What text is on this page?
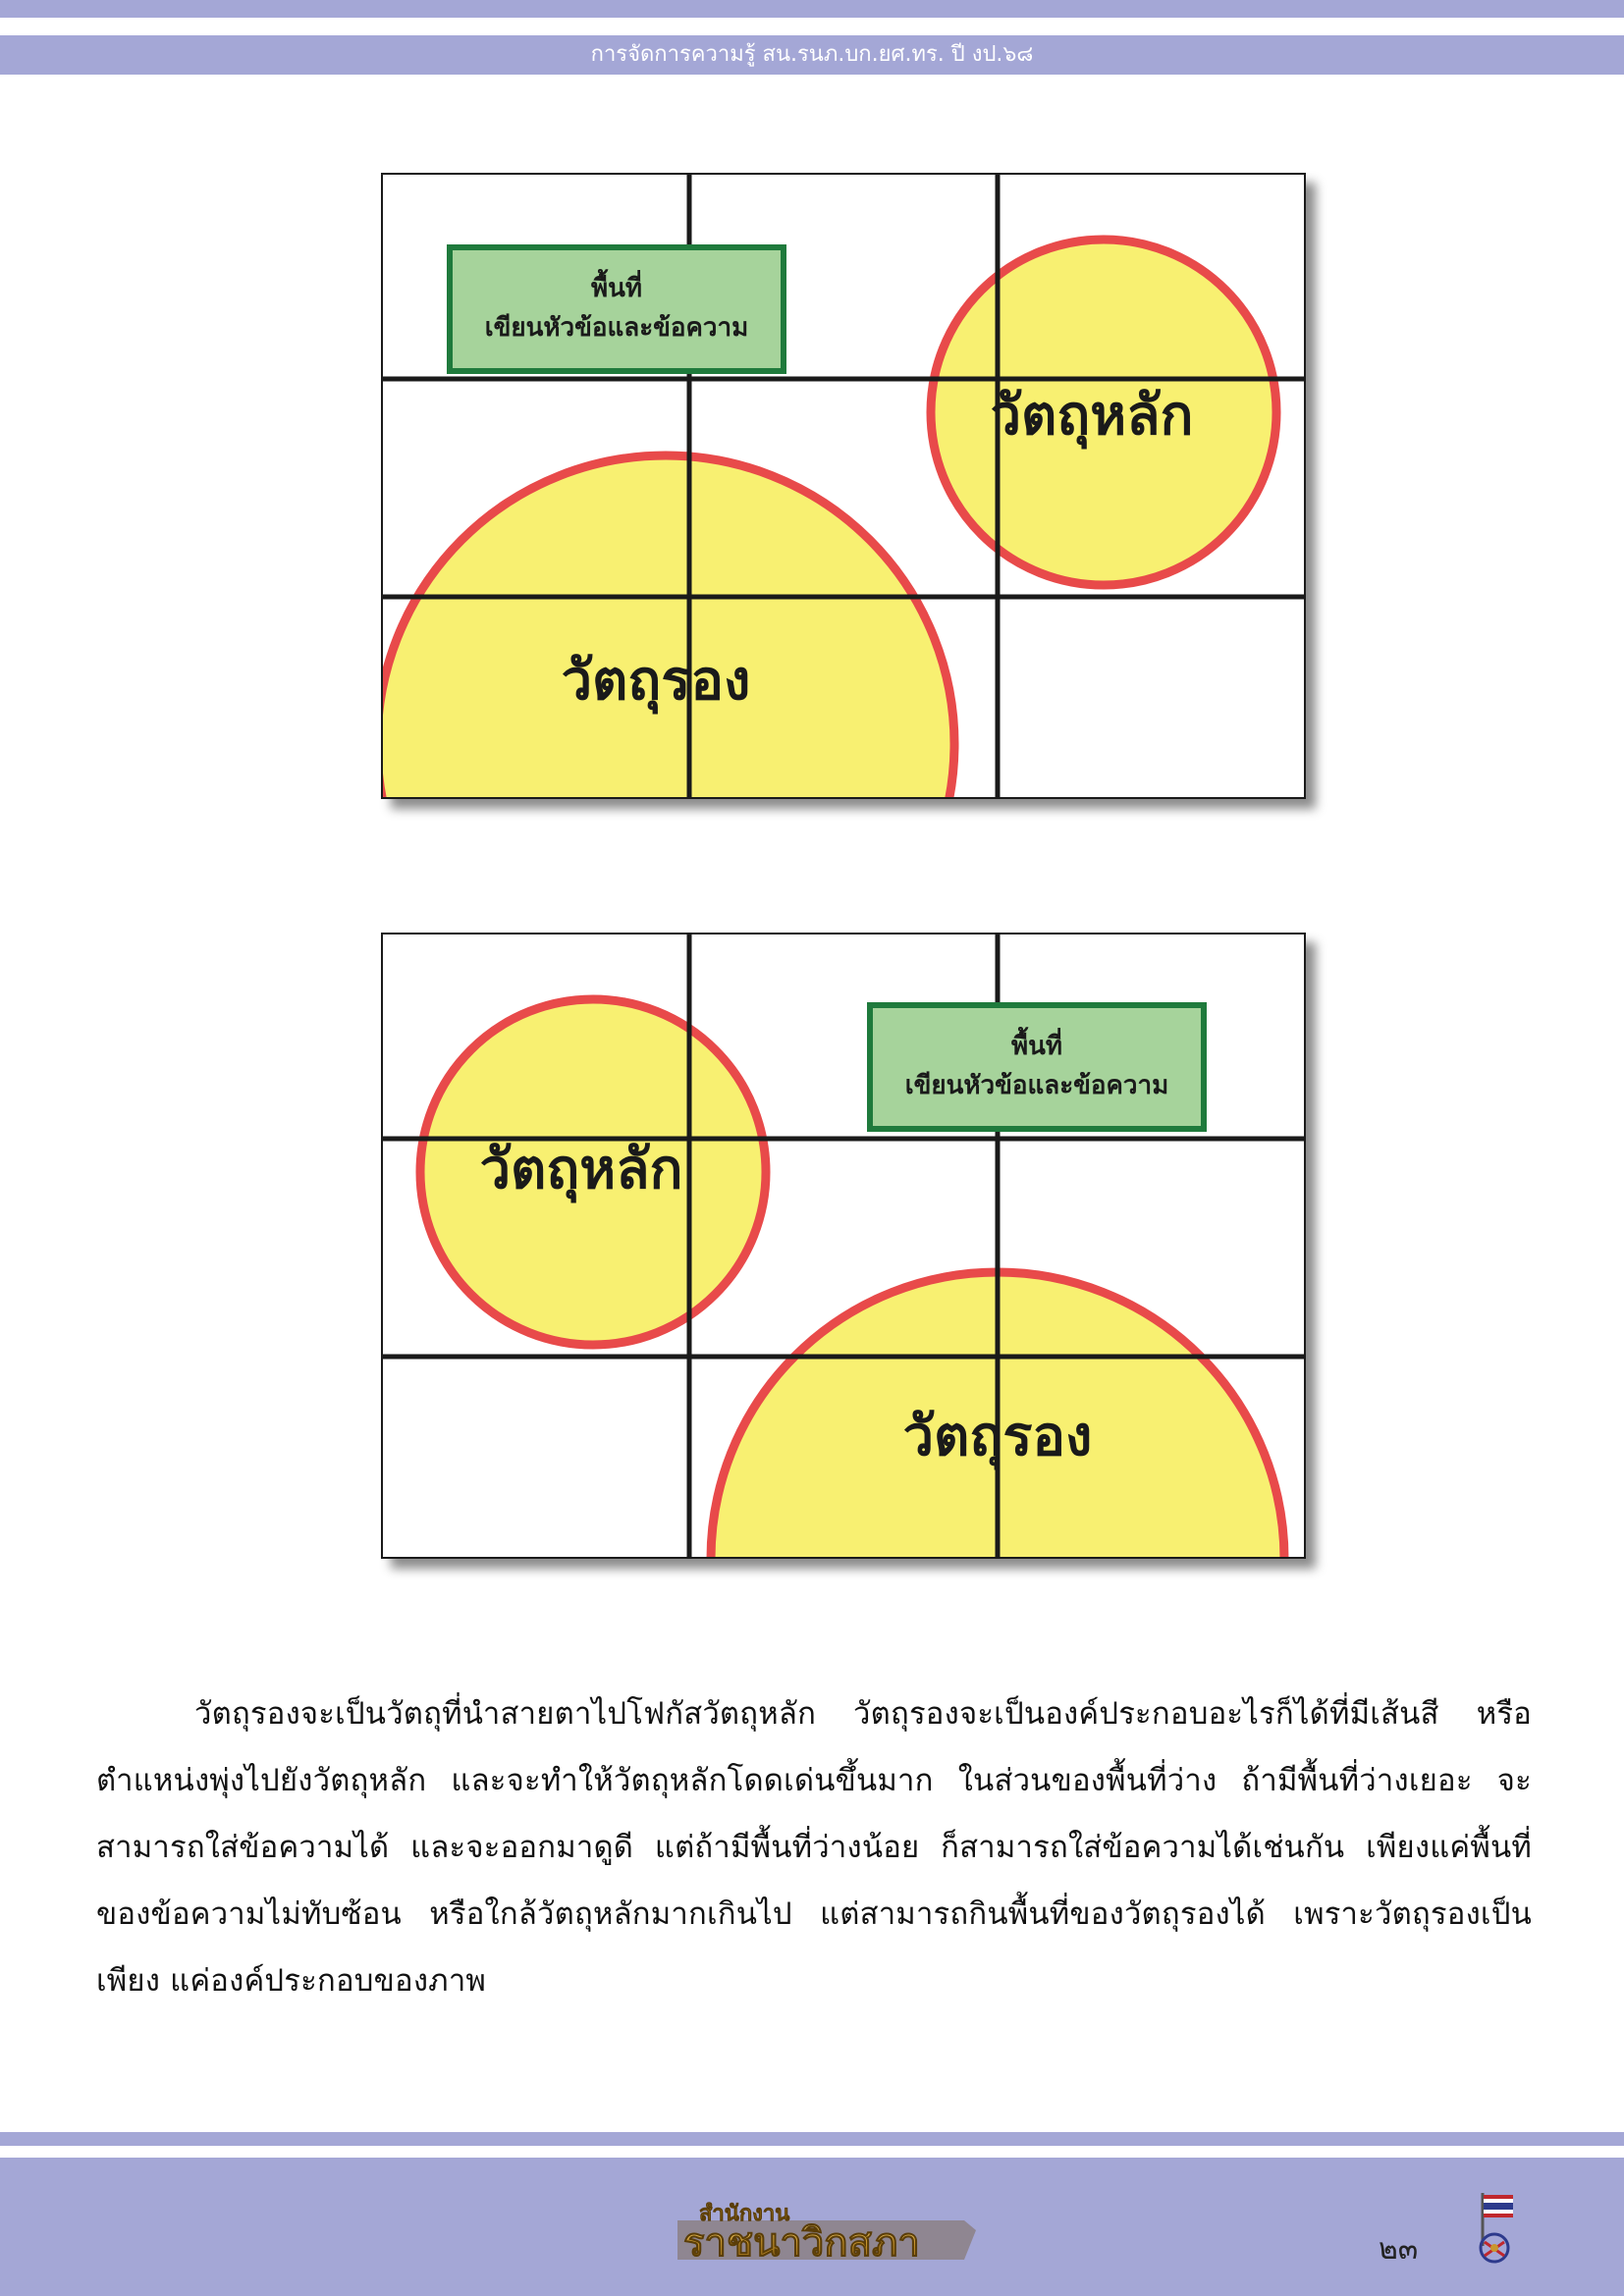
การจัดการความรู้ สน.รนภ.บก.ยศ.ทร. ปี งป.๖๘
พื้นที่
เขียนหัวข้อและข้อความ
วัตถุหลัก
วัตถุรอง
พื้นที่
เขียนหัวข้อและข้อความ
วัตถุหลัก
วัตถุรอง

วัตถุรองจะเป็นวัตถุที่นำสายตาไปโฟกัสวัตถุหลัก วัตถุรองจะเป็นองค์ประกอบอะไรก็ได้ที่มีเส้นสี หรือตำแหน่งพุ่งไปยังวัตถุหลัก และจะทำให้วัตถุหลักโดดเด่นขึ้นมาก ในส่วนของพื้นที่ว่าง ถ้ามีพื้นที่ว่างเยอะ จะสามารถใส่ข้อความได้ และจะออกมาดูดี แต่ถ้ามีพื้นที่ว่างน้อย ก็สามารถใส่ข้อความได้เช่นกัน เพียงแค่พื้นที่ ของข้อความไม่ทับซ้อน หรือใกล้วัตถุหลักมากเกินไป แต่สามารถกินพื้นที่ของวัตถุรองได้ เพราะวัตถุรองเป็นเพียง แค่องค์ประกอบของภาพ

สำนักงาน
ราชนาวิกสภา	๒๓
